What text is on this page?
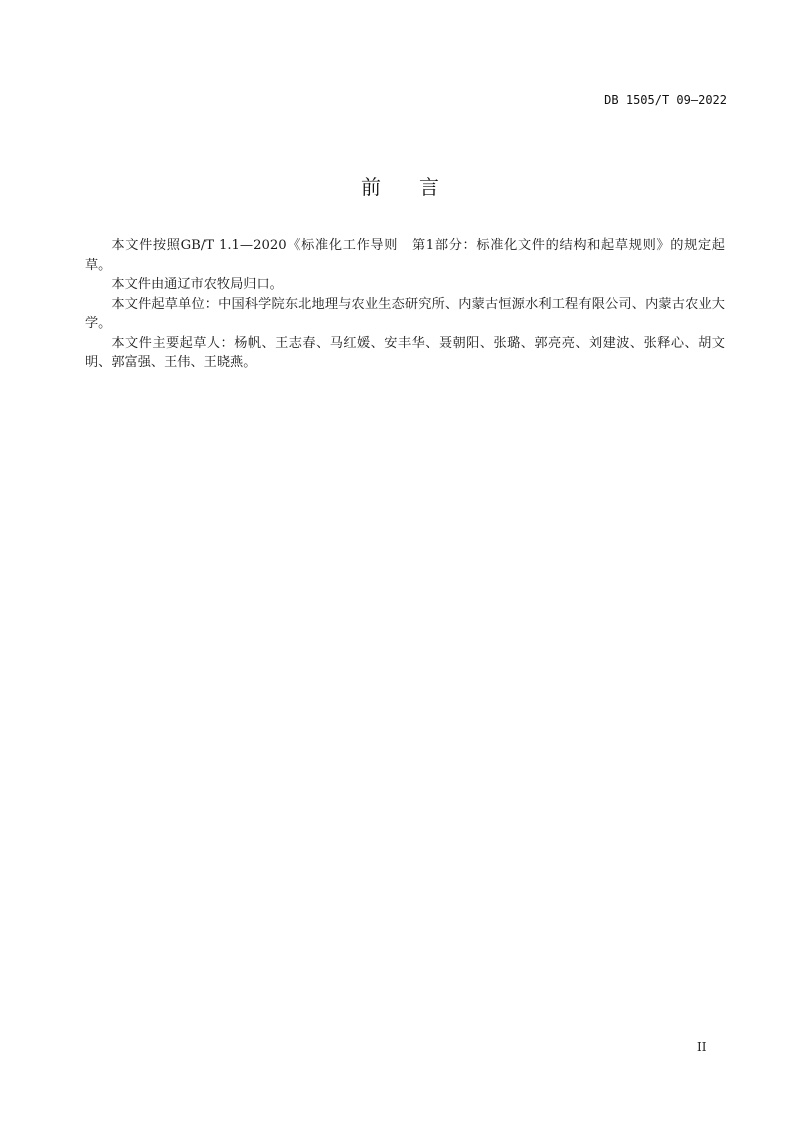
DB 1505/T 09—2022
前 言

本文件按照GB/T 1.1—2020《标准化工作导则　第1部分：标准化文件的结构和起草规则》的规定起草。

本文件由通辽市农牧局归口。

本文件起草单位：中国科学院东北地理与农业生态研究所、内蒙古恒源水利工程有限公司、内蒙古农业大学。

本文件主要起草人：杨帆、王志春、马红媛、安丰华、聂朝阳、张璐、郭亮亮、刘建波、张释心、胡文明、郭富强、王伟、王晓燕。

II
